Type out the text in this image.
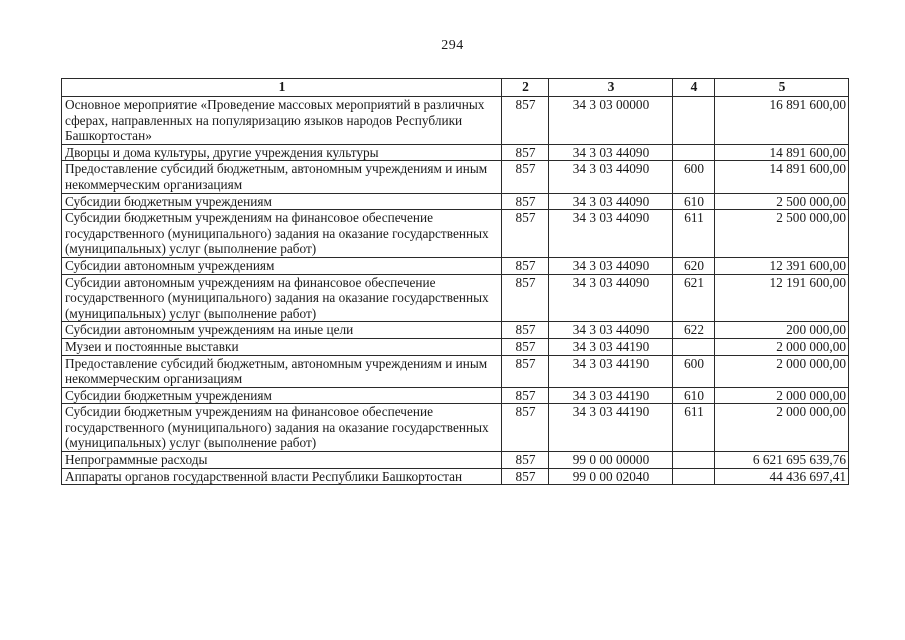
294
1	2	3	4	5
Основное мероприятие «Проведение массовых мероприятий в различных сферах, направленных на популяризацию языков народов Республики Башкортостан»	857	34 3 03 00000		16 891 600,00
Дворцы и дома культуры, другие учреждения культуры	857	34 3 03 44090		14 891 600,00
Предоставление субсидий бюджетным, автономным учреждениям и иным некоммерческим организациям	857	34 3 03 44090	600	14 891 600,00
Субсидии бюджетным учреждениям	857	34 3 03 44090	610	2 500 000,00
Субсидии бюджетным учреждениям на финансовое обеспечение государственного (муниципального) задания на оказание государственных (муниципальных) услуг (выполнение работ)	857	34 3 03 44090	611	2 500 000,00
Субсидии автономным учреждениям	857	34 3 03 44090	620	12 391 600,00
Субсидии автономным учреждениям на финансовое обеспечение государственного (муниципального) задания на оказание государственных (муниципальных) услуг (выполнение работ)	857	34 3 03 44090	621	12 191 600,00
Субсидии автономным учреждениям на иные цели	857	34 3 03 44090	622	200 000,00
Музеи и постоянные выставки	857	34 3 03 44190		2 000 000,00
Предоставление субсидий бюджетным, автономным учреждениям и иным некоммерческим организациям	857	34 3 03 44190	600	2 000 000,00
Субсидии бюджетным учреждениям	857	34 3 03 44190	610	2 000 000,00
Субсидии бюджетным учреждениям на финансовое обеспечение государственного (муниципального) задания на оказание государственных (муниципальных) услуг (выполнение работ)	857	34 3 03 44190	611	2 000 000,00
Непрограммные расходы	857	99 0 00 00000		6 621 695 639,76
Аппараты органов государственной власти Республики Башкортостан	857	99 0 00 02040		44 436 697,41
